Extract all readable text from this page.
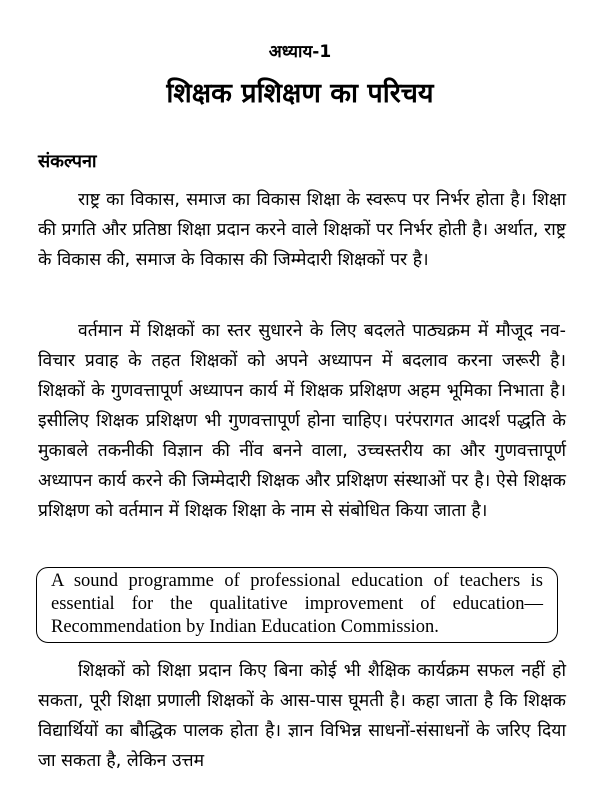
अध्याय-1
शिक्षक प्रशिक्षण का परिचय
संकल्पना

राष्ट्र का विकास, समाज का विकास शिक्षा के स्वरूप पर निर्भर होता है। शिक्षा की प्रगति और प्रतिष्ठा शिक्षा प्रदान करने वाले शिक्षकों पर निर्भर होती है। अर्थात, राष्ट्र के विकास की, समाज के विकास की जिम्मेदारी शिक्षकों पर है।

वर्तमान में शिक्षकों का स्तर सुधारने के लिए बदलते पाठ्यक्रम में मौजूद नव-विचार प्रवाह के तहत शिक्षकों को अपने अध्यापन में बदलाव करना जरूरी है। शिक्षकों के गुणवत्तापूर्ण अध्यापन कार्य में शिक्षक प्रशिक्षण अहम भूमिका निभाता है। इसीलिए शिक्षक प्रशिक्षण भी गुणवत्तापूर्ण होना चाहिए। परंपरागत आदर्श पद्धति के मुकाबले तकनीकी विज्ञान की नींव बनने वाला, उच्चस्तरीय का और गुणवत्तापूर्ण अध्यापन कार्य करने की जिम्मेदारी शिक्षक और प्रशिक्षण संस्थाओं पर है। ऐसे शिक्षक प्रशिक्षण को वर्तमान में शिक्षक शिक्षा के नाम से संबोधित किया जाता है।

A sound programme of professional education of teachers is
essential for the qualitative improvement of education—
Recommendation by Indian Education Commission.

शिक्षकों को शिक्षा प्रदान किए बिना कोई भी शैक्षिक कार्यक्रम सफल नहीं हो सकता, पूरी शिक्षा प्रणाली शिक्षकों के आस-पास घूमती है। कहा जाता है कि शिक्षक विद्यार्थियों का बौद्धिक पालक होता है। ज्ञान विभिन्न साधनों-संसाधनों के जरिए दिया जा सकता है, लेकिन उत्तम
